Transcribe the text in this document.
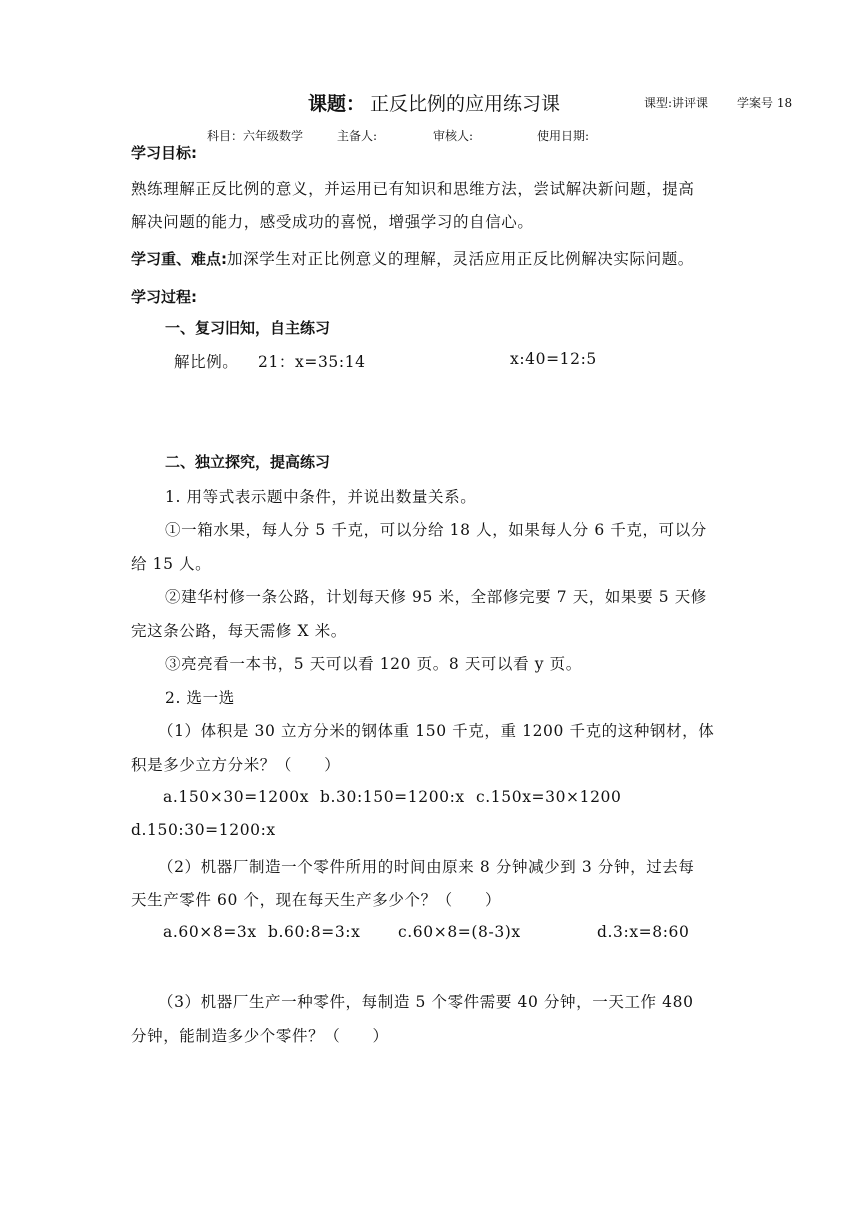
课题： 正反比例的应用练习课	课型:讲评课 学案号 18
科目：六年级数学	主备人:	审核人:	使用日期:
学习目标:
熟练理解正反比例的意义，并运用已有知识和思维方法，尝试解决新问题，提高
解决问题的能力，感受成功的喜悦，增强学习的自信心。
学习重、难点:加深学生对正比例意义的理解，灵活应用正反比例解决实际问题。
学习过程:
一、复习旧知，自主练习
解比例。 21：x=35:14	x:40=12:5
二、独立探究，提高练习
1. 用等式表示题中条件，并说出数量关系。
①一箱水果，每人分 5 千克，可以分给 18 人，如果每人分 6 千克，可以分
给 15 人。
②建华村修一条公路，计划每天修 95 米，全部修完要 7 天，如果要 5 天修
完这条公路，每天需修 X 米。
③亮亮看一本书，5 天可以看 120 页。8 天可以看 y 页。
2. 选一选
（1）体积是 30 立方分米的钢体重 150 千克，重 1200 千克的这种钢材，体
积是多少立方分米？（　　）
a.150×30=1200x b.30:150=1200:x c.150x=30×1200
d.150:30=1200:x
（2）机器厂制造一个零件所用的时间由原来 8 分钟减少到 3 分钟，过去每
天生产零件 60 个，现在每天生产多少个？（　　）
a.60×8=3x b.60:8=3:x c.60×8=(8-3)x	d.3:x=8:60
（3）机器厂生产一种零件，每制造 5 个零件需要 40 分钟，一天工作 480
分钟，能制造多少个零件？（　　）
